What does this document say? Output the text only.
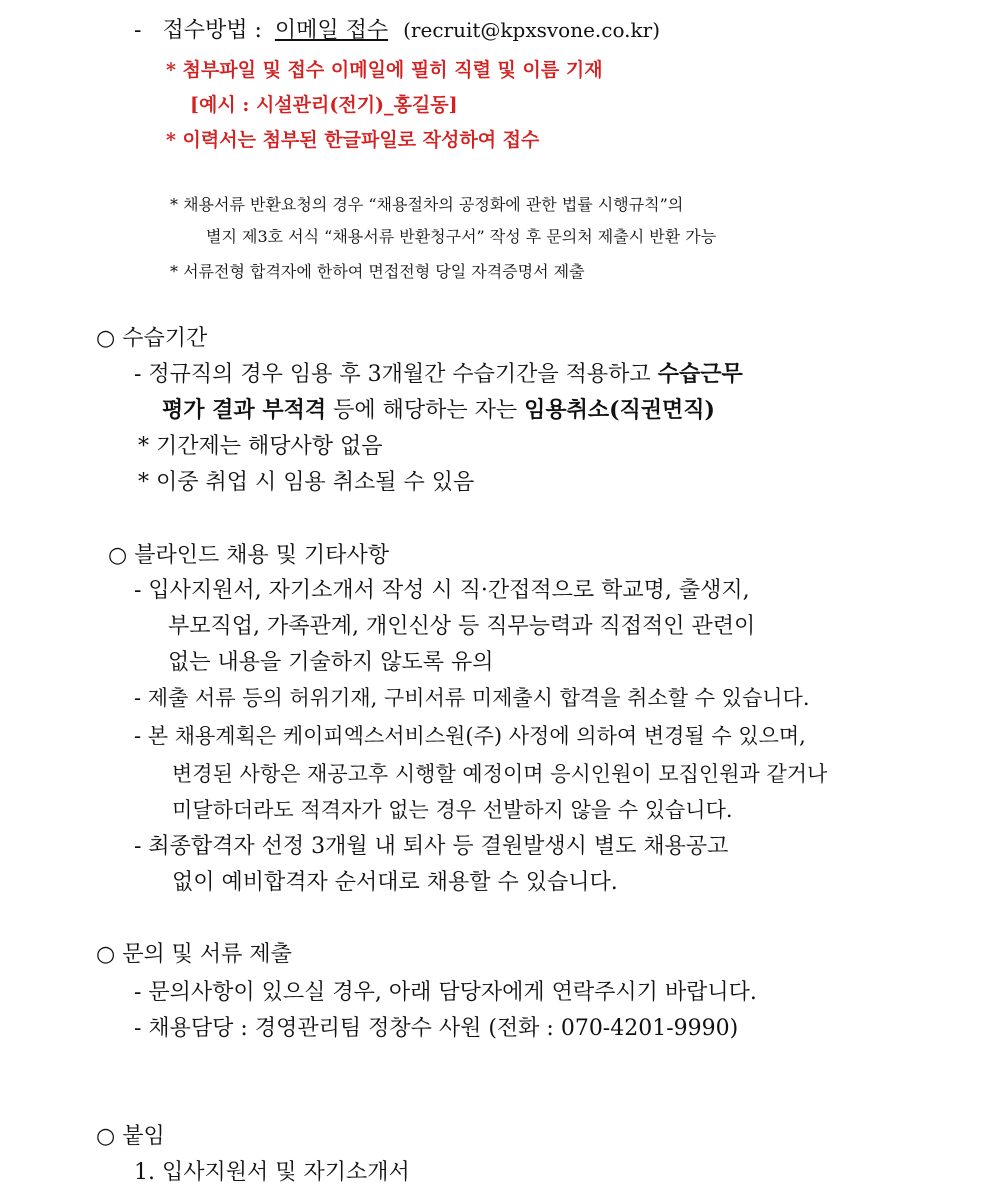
- 접수방법 : 이메일 접수 (recruit@kpxsvone.co.kr)
* 첨부파일 및 접수 이메일에 필히 직렬 및 이름 기재
[예시 : 시설관리(전기)_홍길동]
* 이력서는 첨부된 한글파일로 작성하여 접수
* 채용서류 반환요청의 경우 “채용절차의 공정화에 관한 법률 시행규칙”의
별지 제3호 서식 “채용서류 반환청구서” 작성 후 문의처 제출시 반환 가능
* 서류전형 합격자에 한하여 면접전형 당일 자격증명서 제출
○ 수습기간
- 정규직의 경우 임용 후 3개월간 수습기간을 적용하고 수습근무
평가 결과 부적격 등에 해당하는 자는 임용취소(직권면직)
* 기간제는 해당사항 없음
* 이중 취업 시 임용 취소될 수 있음
○ 블라인드 채용 및 기타사항
- 입사지원서, 자기소개서 작성 시 직·간접적으로 학교명, 출생지,
부모직업, 가족관계, 개인신상 등 직무능력과 직접적인 관련이
없는 내용을 기술하지 않도록 유의
- 제출 서류 등의 허위기재, 구비서류 미제출시 합격을 취소할 수 있습니다.
- 본 채용계획은 케이피엑스서비스원(주) 사정에 의하여 변경될 수 있으며,
변경된 사항은 재공고후 시행할 예정이며 응시인원이 모집인원과 같거나
미달하더라도 적격자가 없는 경우 선발하지 않을 수 있습니다.
- 최종합격자 선정 3개월 내 퇴사 등 결원발생시 별도 채용공고
없이 예비합격자 순서대로 채용할 수 있습니다.
○ 문의 및 서류 제출
- 문의사항이 있으실 경우, 아래 담당자에게 연락주시기 바랍니다.
- 채용담당 : 경영관리팀 정창수 사원 (전화 : 070-4201-9990)
○ 붙임
1. 입사지원서 및 자기소개서
